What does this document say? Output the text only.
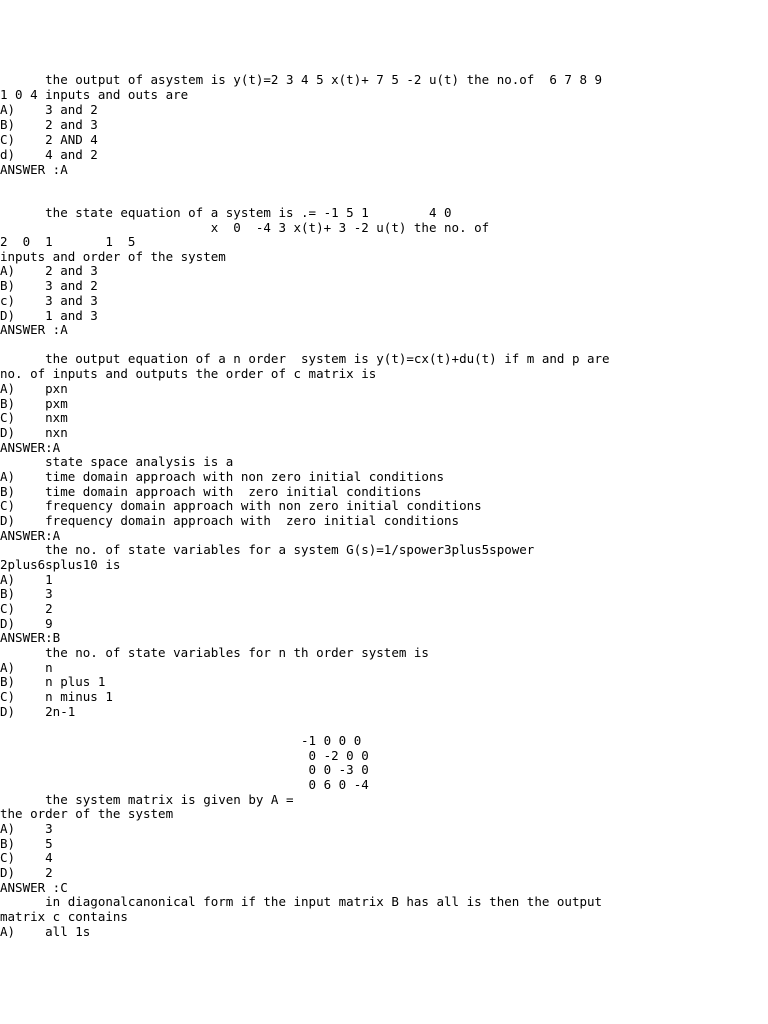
the output of asystem is y(t)=2 3 4 5 x(t)+ 7 5 -2 u(t) the no.of  6 7 8 9

1 0 4 inputs and outs are

A)    3 and 2

B)    2 and 3

C)    2 AND 4

d)    4 and 2

ANSWER :A

the state equation of a system is .= -1 5 1        4 0

x  0  -4 3 x(t)+ 3 -2 u(t) the no. of

2  0  1       1  5

inputs and order of the system

A)    2 and 3

B)    3 and 2

c)    3 and 3

D)    1 and 3

ANSWER :A

the output equation of a n order  system is y(t)=cx(t)+du(t) if m and p are

no. of inputs and outputs the order of c matrix is

A)    pxn

B)    pxm

C)    nxm

D)    nxn

ANSWER:A

state space analysis is a

A)    time domain approach with non zero initial conditions

B)    time domain approach with  zero initial conditions

C)    frequency domain approach with non zero initial conditions

D)    frequency domain approach with  zero initial conditions

ANSWER:A

the no. of state variables for a system G(s)=1/spower3plus5spower

2plus6splus10 is

A)    1

B)    3

C)    2

D)    9

ANSWER:B

the no. of state variables for n th order system is

A)    n

B)    n plus 1

C)    n minus 1

D)    2n-1

-1 0 0 0

0 -2 0 0

0 0 -3 0

0 6 0 -4

the system matrix is given by A =

the order of the system

A)    3

B)    5

C)    4

D)    2

ANSWER :C

in diagonalcanonical form if the input matrix B has all is then the output

matrix c contains

A)    all 1s
